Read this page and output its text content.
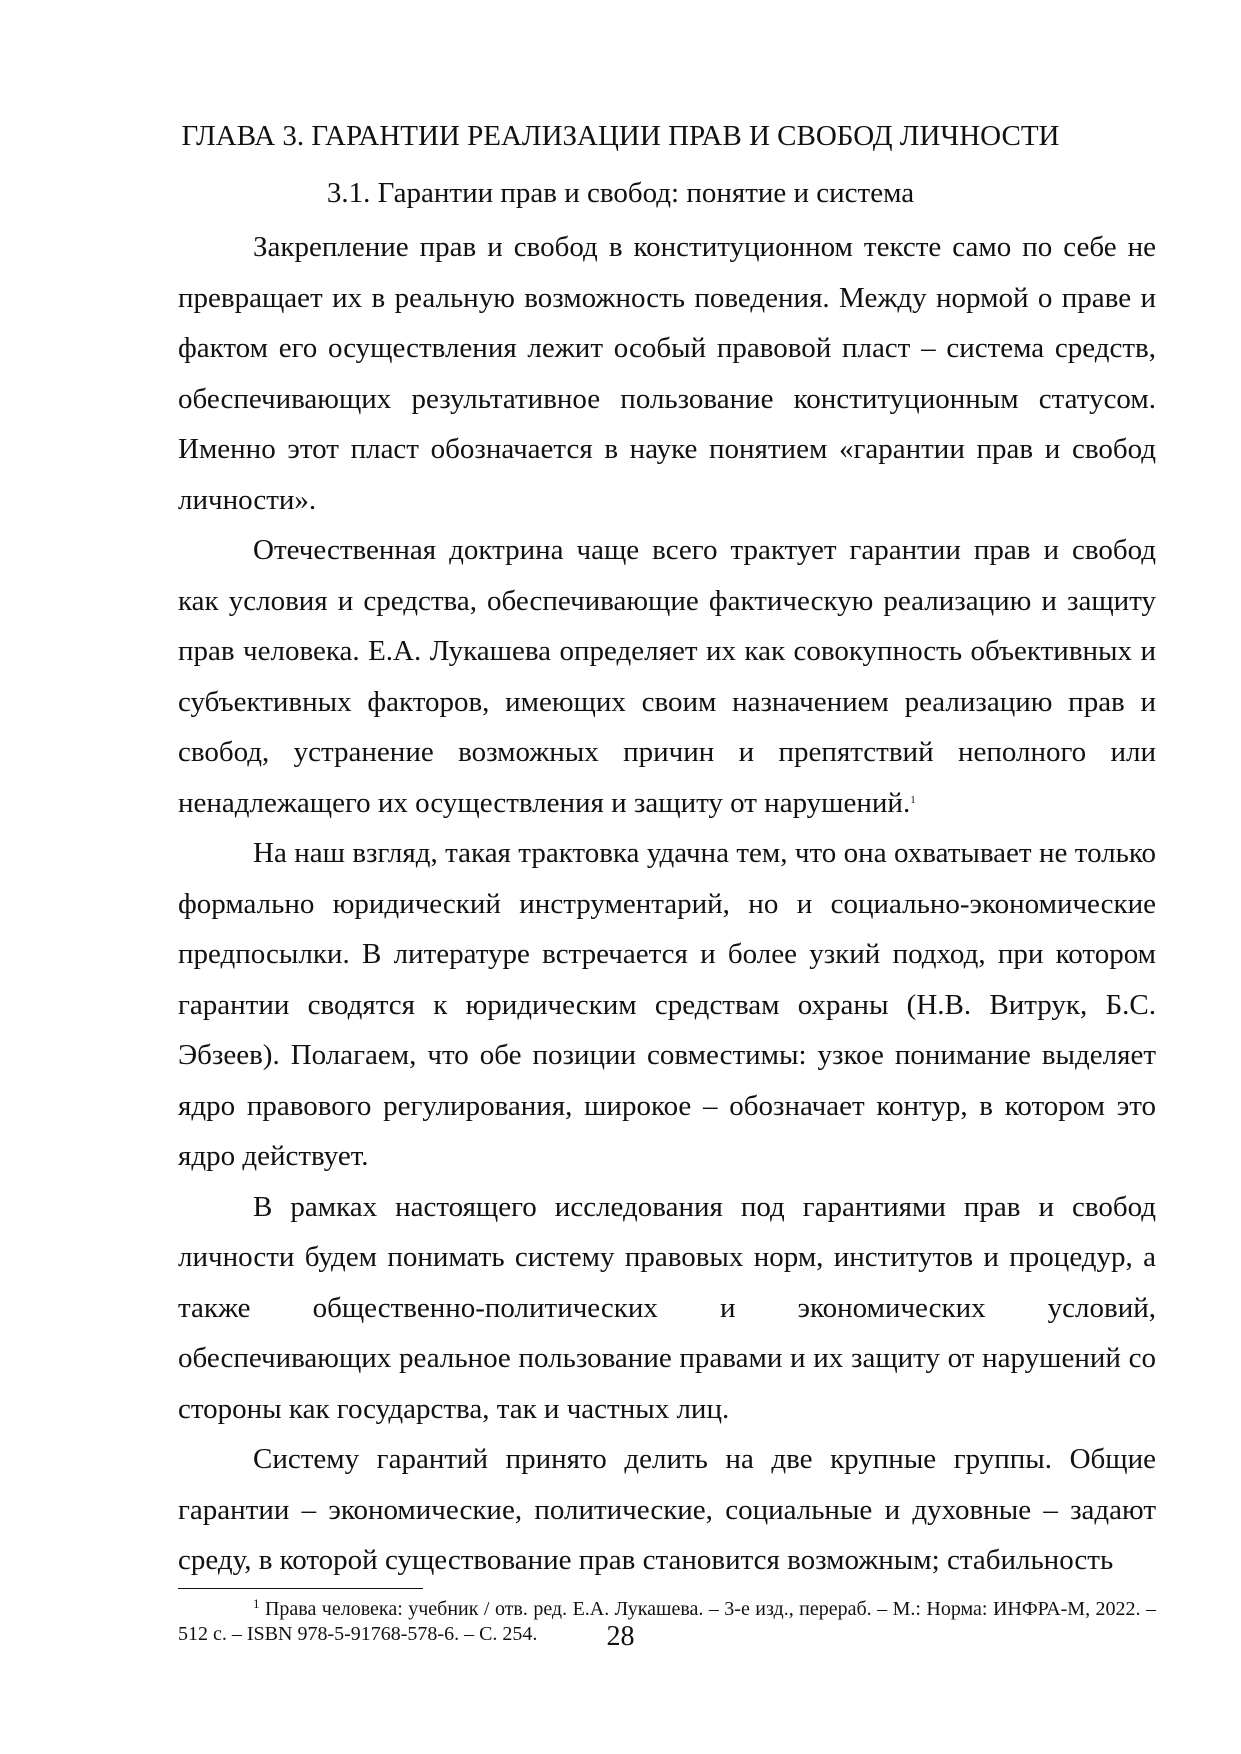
ГЛАВА 3. ГАРАНТИИ РЕАЛИЗАЦИИ ПРАВ И СВОБОД ЛИЧНОСТИ
3.1. Гарантии прав и свобод: понятие и система

Закрепление прав и свобод в конституционном тексте само по себе не превращает их в реальную возможность поведения. Между нормой о праве и фактом его осуществления лежит особый правовой пласт – система средств, обеспечивающих результативное пользование конституционным статусом. Именно этот пласт обозначается в науке понятием «гарантии прав и свобод личности».

Отечественная доктрина чаще всего трактует гарантии прав и свобод как условия и средства, обеспечивающие фактическую реализацию и защиту прав человека. Е.А. Лукашева определяет их как совокупность объективных и субъективных факторов, имеющих своим назначением реализацию прав и свобод, устранение возможных причин и препятствий неполного или ненадлежащего их осуществления и защиту от нарушений.$^1$

На наш взгляд, такая трактовка удачна тем, что она охватывает не только формально юридический инструментарий, но и социально-экономические предпосылки. В литературе встречается и более узкий подход, при котором гарантии сводятся к юридическим средствам охраны (Н.В. Витрук, Б.С. Эбзеев). Полагаем, что обе позиции совместимы: узкое понимание выделяет ядро правового регулирования, широкое – обозначает контур, в котором это ядро действует.

В рамках настоящего исследования под гарантиями прав и свобод личности будем понимать систему правовых норм, институтов и процедур, а также общественно-политических и экономических условий, обеспечивающих реальное пользование правами и их защиту от нарушений со стороны как государства, так и частных лиц.

Систему гарантий принято делить на две крупные группы. Общие гарантии – экономические, политические, социальные и духовные – задают среду, в которой существование прав становится возможным; стабильность

$^1$ Права человека: учебник / отв. ред. Е.А. Лукашева. – 3-е изд., перераб. – М.: Норма: ИНФРА-М, 2022. – 512 с. – ISBN 978-5-91768-578-6. – С. 254.	28
